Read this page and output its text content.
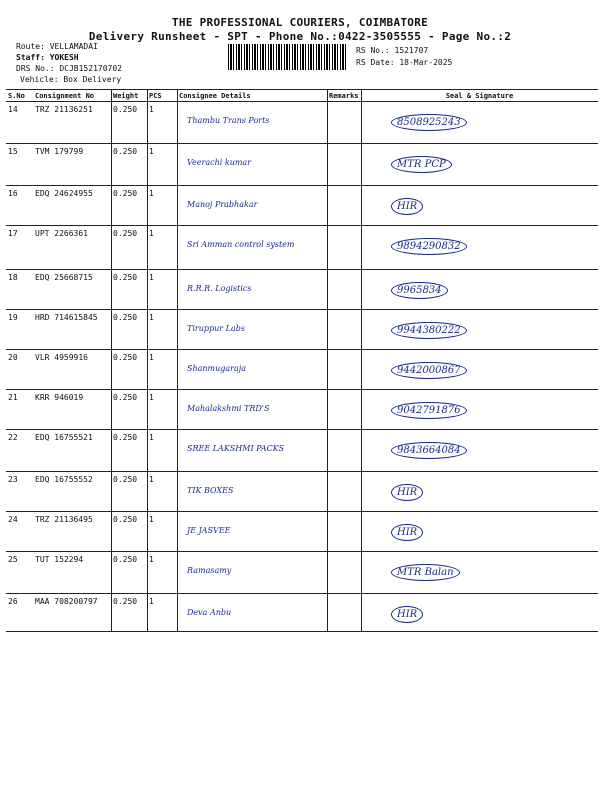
THE PROFESSIONAL COURIERS, COIMBATORE
Delivery Runsheet - SPT - Phone No.:0422-3505555 - Page No.:2
Route: VELLAMADAI
Staff: YOKESH
DRS No.: DCJB152170702
Vehicle: Box Delivery
RS No.: 1521707
RS Date: 18-Mar-2025
S.No	Consignment No	Weight	PCS	Consignee Details	Remarks	Seal & Signature
14	TRZ 21136251	0.250	1	Thambu Trans Ports		8508925243
15	TVM 179799	0.250	1	Veerachi kumar		MTR PCP
16	EDQ 24624955	0.250	1	Manoj Prabhakar		HIR
17	UPT 2266361	0.250	1	Sri Amman control system		9894290832
18	EDQ 25668715	0.250	1	R.R.R. Logistics		9965834
19	HRD 714615845	0.250	1	Tiruppur Labs		9944380222
20	VLR 4959916	0.250	1	Shanmugaraja		9442000867
21	KRR 946019	0.250	1	Mahalakshmi TRD'S		9042791876
22	EDQ 16755521	0.250	1	SREE LAKSHMI PACKS		9843664084
23	EDQ 16755552	0.250	1	TIK BOXES		HIR
24	TRZ 21136495	0.250	1	JE JASVEE		HIR
25	TUT 152294	0.250	1	Ramasamy		MTR Balan
26	MAA 708200797	0.250	1	Deva Anbu		HIR
